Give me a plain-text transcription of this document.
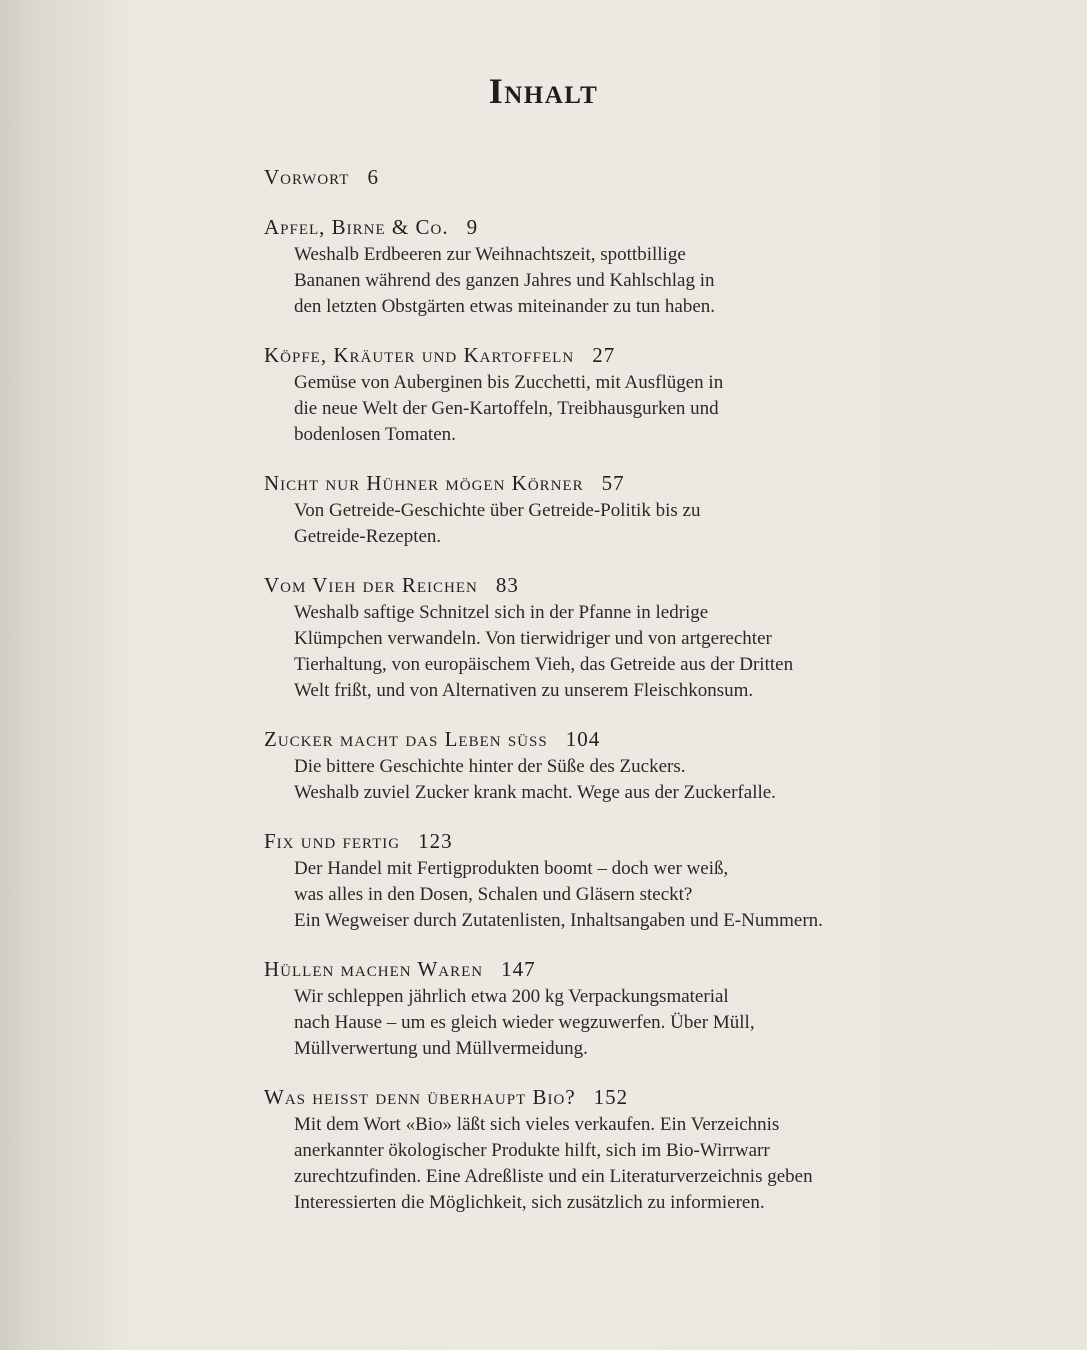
Inhalt
Vorwort 6
Apfel, Birne & Co. 9
Weshalb Erdbeeren zur Weihnachtszeit, spottbillige
Bananen während des ganzen Jahres und Kahlschlag in
den letzten Obstgärten etwas miteinander zu tun haben.
Köpfe, Kräuter und Kartoffeln 27
Gemüse von Auberginen bis Zucchetti, mit Ausflügen in
die neue Welt der Gen-Kartoffeln, Treibhausgurken und
bodenlosen Tomaten.
Nicht nur Hühner mögen Körner 57
Von Getreide-Geschichte über Getreide-Politik bis zu
Getreide-Rezepten.
Vom Vieh der Reichen 83
Weshalb saftige Schnitzel sich in der Pfanne in ledrige
Klümpchen verwandeln. Von tierwidriger und von artgerechter
Tierhaltung, von europäischem Vieh, das Getreide aus der Dritten
Welt frißt, und von Alternativen zu unserem Fleischkonsum.
Zucker macht das Leben süss 104
Die bittere Geschichte hinter der Süße des Zuckers.
Weshalb zuviel Zucker krank macht. Wege aus der Zuckerfalle.
Fix und fertig 123
Der Handel mit Fertigprodukten boomt – doch wer weiß,
was alles in den Dosen, Schalen und Gläsern steckt?
Ein Wegweiser durch Zutatenlisten, Inhaltsangaben und E-Nummern.
Hüllen machen Waren 147
Wir schleppen jährlich etwa 200 kg Verpackungsmaterial
nach Hause – um es gleich wieder wegzuwerfen. Über Müll,
Müllverwertung und Müllvermeidung.
Was heisst denn überhaupt Bio? 152
Mit dem Wort «Bio» läßt sich vieles verkaufen. Ein Verzeichnis
anerkannter ökologischer Produkte hilft, sich im Bio-Wirrwarr
zurechtzufinden. Eine Adreßliste und ein Literaturverzeichnis geben
Interessierten die Möglichkeit, sich zusätzlich zu informieren.
